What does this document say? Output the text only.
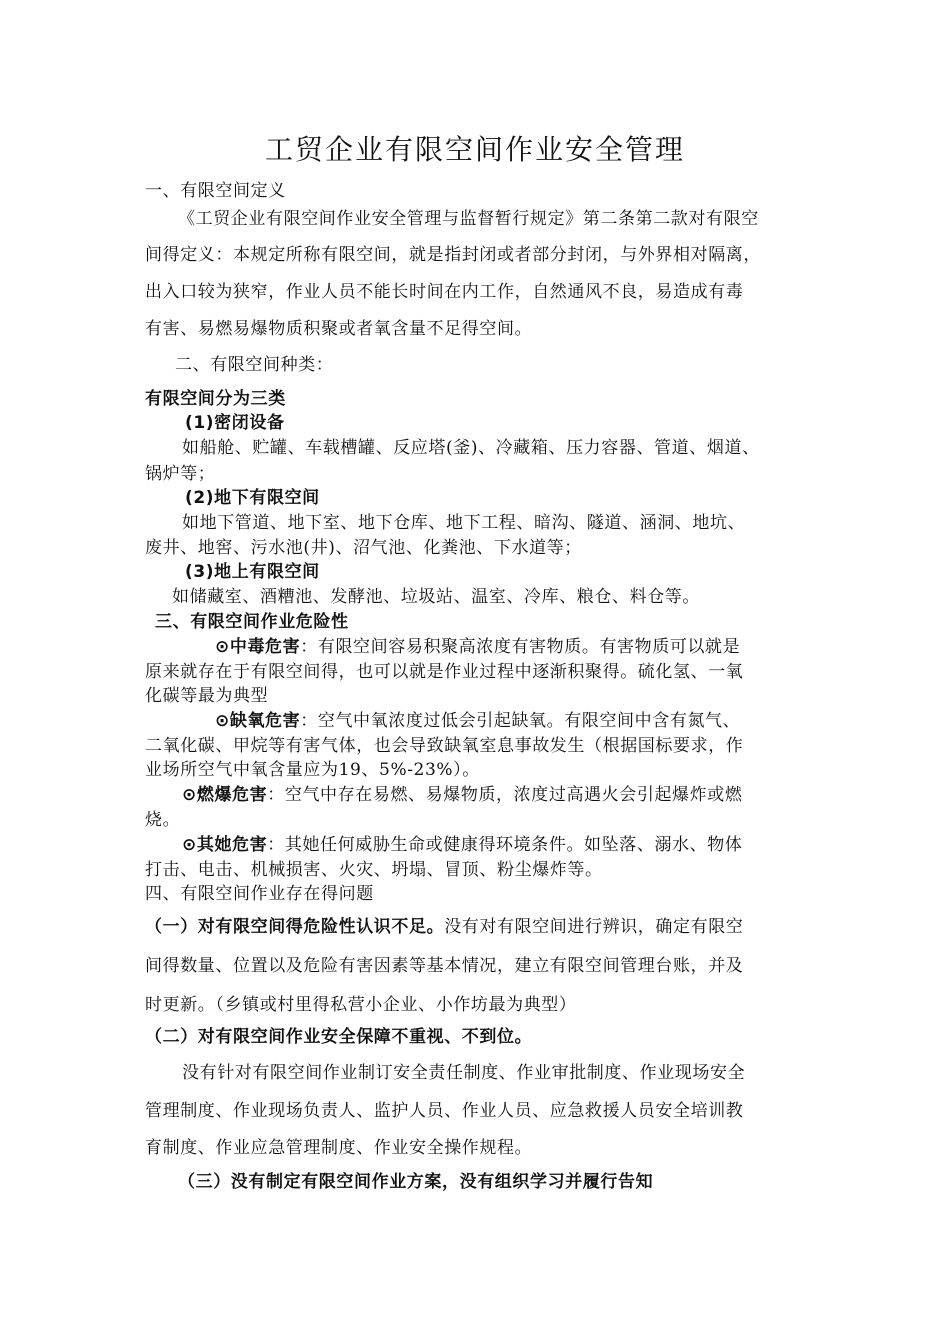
工贸企业有限空间作业安全管理
一、有限空间定义
《工贸企业有限空间作业安全管理与监督暂行规定》第二条第二款对有限空
间得定义：本规定所称有限空间，就是指封闭或者部分封闭，与外界相对隔离，
出入口较为狭窄，作业人员不能长时间在内工作，自然通风不良，易造成有毒
有害、易燃易爆物质积聚或者氧含量不足得空间。
二、有限空间种类：
有限空间分为三类
(1)密闭设备
如船舱、贮罐、车载槽罐、反应塔(釜)、冷藏箱、压力容器、管道、烟道、
锅炉等；
(2)地下有限空间
如地下管道、地下室、地下仓库、地下工程、暗沟、隧道、涵洞、地坑、
废井、地窖、污水池(井)、沼气池、化粪池、下水道等；
(3)地上有限空间
如储藏室、酒糟池、发酵池、垃圾站、温室、冷库、粮仓、料仓等。
三、有限空间作业危险性
⊙中毒危害：有限空间容易积聚高浓度有害物质。有害物质可以就是
原来就存在于有限空间得，也可以就是作业过程中逐渐积聚得。硫化氢、一氧
化碳等最为典型
⊙缺氧危害：空气中氧浓度过低会引起缺氧。有限空间中含有氮气、
二氧化碳、甲烷等有害气体，也会导致缺氧室息事故发生（根据国标要求，作
业场所空气中氧含量应为19、5%-23%）。
⊙燃爆危害：空气中存在易燃、易爆物质，浓度过高遇火会引起爆炸或燃
烧。
⊙其她危害：其她任何威胁生命或健康得环境条件。如坠落、溺水、物体
打击、电击、机械损害、火灾、坍塌、冒顶、粉尘爆炸等。
四、有限空间作业存在得问题
（一）对有限空间得危险性认识不足。没有对有限空间进行辨识，确定有限空
间得数量、位置以及危险有害因素等基本情况，建立有限空间管理台账，并及
时更新。（乡镇或村里得私营小企业、小作坊最为典型）
（二）对有限空间作业安全保障不重视、不到位。
没有针对有限空间作业制订安全责任制度、作业审批制度、作业现场安全
管理制度、作业现场负责人、监护人员、作业人员、应急救援人员安全培训教
育制度、作业应急管理制度、作业安全操作规程。
（三）没有制定有限空间作业方案，没有组织学习并履行告知
